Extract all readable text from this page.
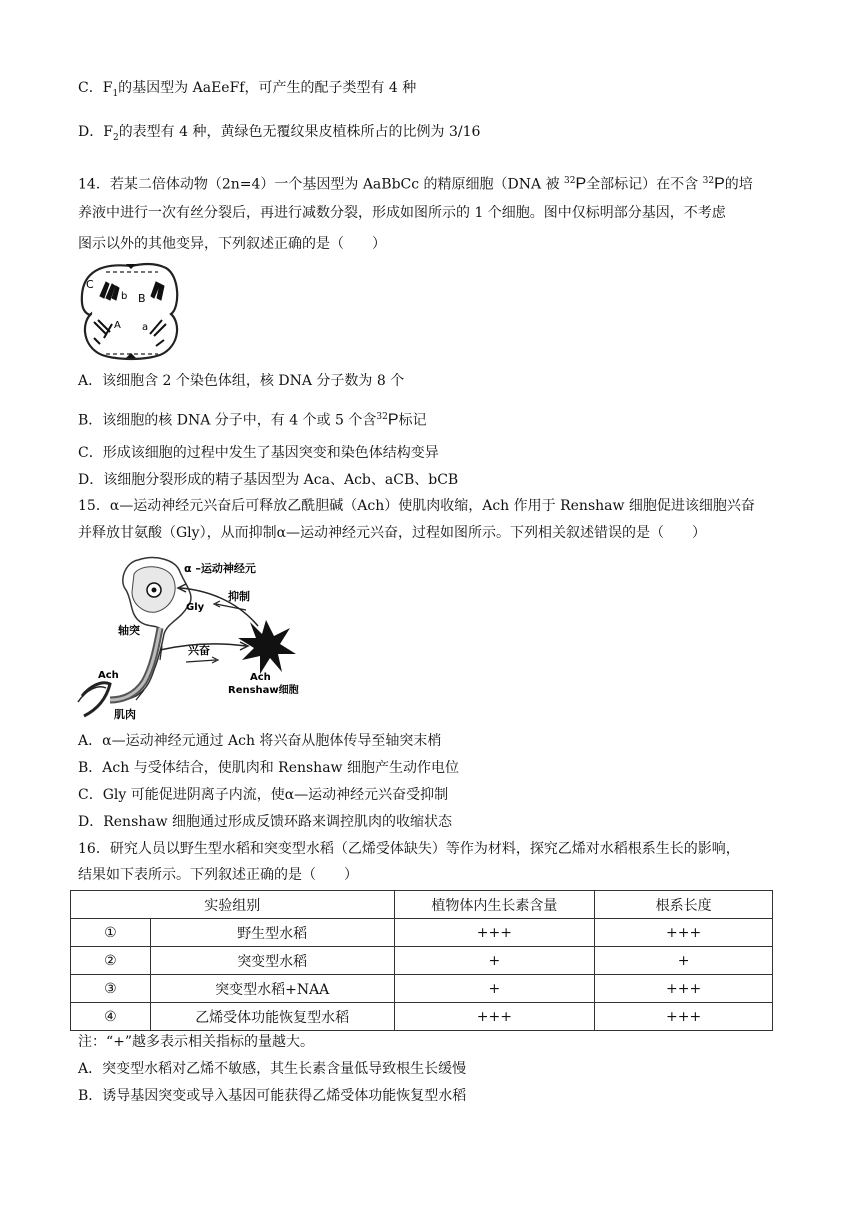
C．$F_1$的基因型为 AaEeFf，可产生的配子类型有 4 种
D．$F_2$的表型有 4 种，黄绿色无覆纹果皮植株所占的比例为 3/16
14．若某二倍体动物（2n=4）一个基因型为 AaBbCc 的精原细胞（DNA 被 $^{32}$P全部标记）在不含 $^{32}$P的培
养液中进行一次有丝分裂后，再进行减数分裂，形成如图所示的 1 个细胞。图中仅标明部分基因，不考虑
图示以外的其他变异，下列叙述正确的是（　　）
C
b B
A a
A．该细胞含 2 个染色体组，核 DNA 分子数为 8 个
B．该细胞的核 DNA 分子中，有 4 个或 5 个含$^{32}$P标记
C．形成该细胞的过程中发生了基因突变和染色体结构变异
D．该细胞分裂形成的精子基因型为 Aca、Acb、aCB、bCB
15．α—运动神经元兴奋后可释放乙酰胆碱（Ach）使肌肉收缩，Ach 作用于 Renshaw 细胞促进该细胞兴奋
并释放甘氨酸（Gly），从而抑制α—运动神经元兴奋，过程如图所示。下列相关叙述错误的是（　　）
α –运动神经元
Gly
抑制
轴突
兴奋
Ach	Ach
Renshaw细胞
肌肉
A．α—运动神经元通过 Ach 将兴奋从胞体传导至轴突末梢
B．Ach 与受体结合，使肌肉和 Renshaw 细胞产生动作电位
C．Gly 可能促进阴离子内流，使α—运动神经元兴奋受抑制
D．Renshaw 细胞通过形成反馈环路来调控肌肉的收缩状态
16．研究人员以野生型水稻和突变型水稻（乙烯受体缺失）等作为材料，探究乙烯对水稻根系生长的影响，
结果如下表所示。下列叙述正确的是（　　）
实验组别		植物体内生长素含量	根系长度
①	野生型水稻	+++	+++
②	突变型水稻	+	+
③	突变型水稻+NAA	+	+++
④	乙烯受体功能恢复型水稻	+++	+++
注：“+”越多表示相关指标的量越大。
A．突变型水稻对乙烯不敏感，其生长素含量低导致根生长缓慢
B．诱导基因突变或导入基因可能获得乙烯受体功能恢复型水稻
